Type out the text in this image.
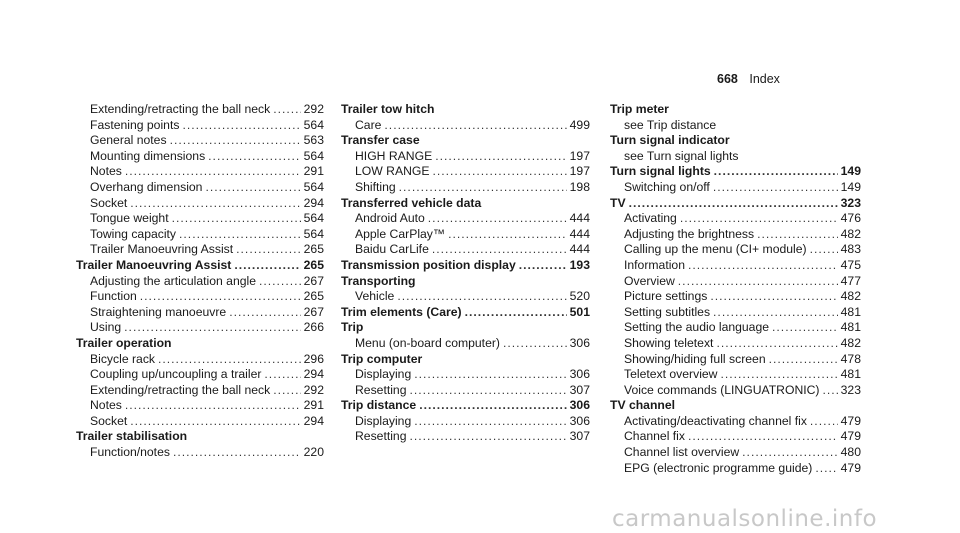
668 Index
Extending/retracting the ball neck .....	292
Fastening points .....	564
General notes .....	563
Mounting dimensions .....	564
Notes .....	291
Overhang dimension .....	564
Socket .....	294
Tongue weight .....	564
Towing capacity .....	564
Trailer Manoeuvring Assist .....	265
Trailer Manoeuvring Assist .....	265
Adjusting the articulation angle .....	267
Function .....	265
Straightening manoeuvre .....	267
Using .....	266
Trailer operation
Bicycle rack .....	296
Coupling up/uncoupling a trailer .....	294
Extending/retracting the ball neck .....	292
Notes .....	291
Socket .....	294
Trailer stabilisation
Function/notes .....	220
Trailer tow hitch
Care .....	499
Transfer case
HIGH RANGE .....	197
LOW RANGE .....	197
Shifting .....	198
Transferred vehicle data
Android Auto .....	444
Apple CarPlay™ .....	444
Baidu CarLife .....	444
Transmission position display .....	193
Transporting
Vehicle .....	520
Trim elements (Care) .....	501
Trip
Menu (on-board computer) .....	306
Trip computer
Displaying .....	306
Resetting .....	307
Trip distance .....	306
Displaying .....	306
Resetting .....	307
Trip meter
see Trip distance
Turn signal indicator
see Turn signal lights
Turn signal lights .....	149
Switching on/off .....	149
TV .....	323
Activating .....	476
Adjusting the brightness .....	482
Calling up the menu (CI+ module) .....	483
Information .....	475
Overview .....	477
Picture settings .....	482
Setting subtitles .....	481
Setting the audio language .....	481
Showing teletext .....	482
Showing/hiding full screen .....	478
Teletext overview .....	481
Voice commands (LINGUATRONIC) ..... 323
TV channel
Activating/deactivating channel fix .....	479
Channel fix .....	479
Channel list overview .....	480
EPG (electronic programme guide) ..... 479
carmanualsonline.info
